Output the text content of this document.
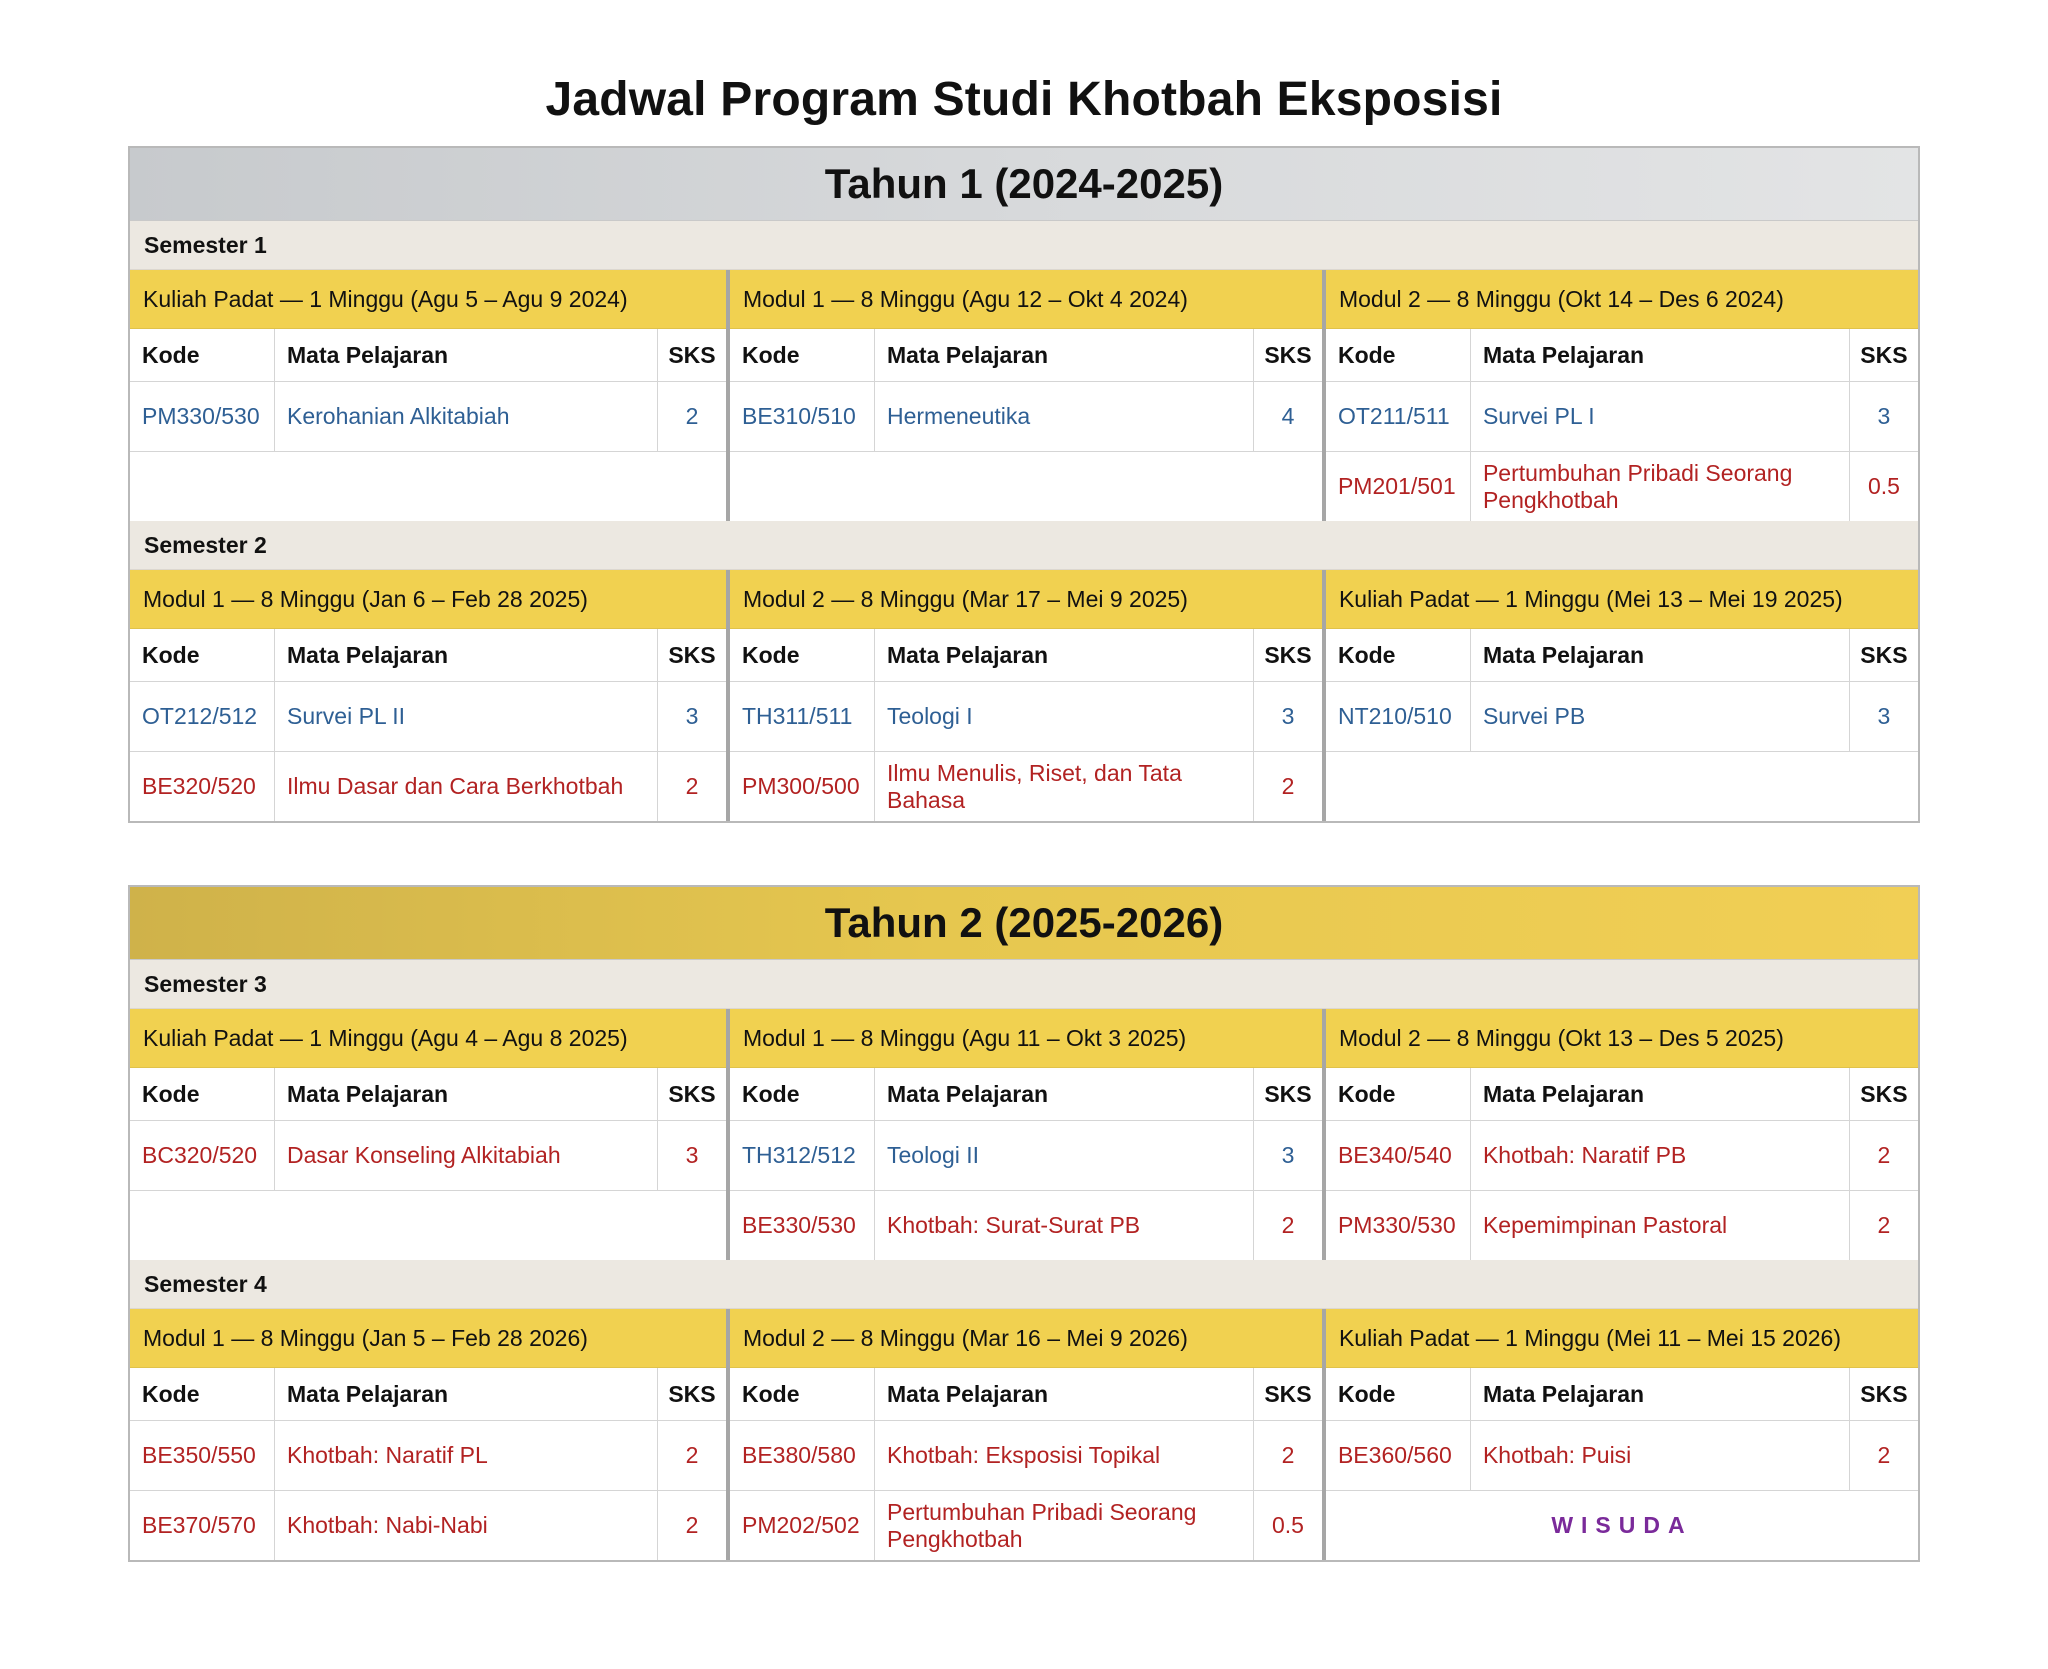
Jadwal Program Studi Khotbah Eksposisi
Tahun 1 (2024-2025)
Semester 1
Kuliah Padat — 1 Minggu (Agu 5 – Agu 9 2024)
Kode	Mata Pelajaran	SKS
PM330/530	Kerohanian Alkitabiah	2

Modul 1 — 8 Minggu (Agu 12 – Okt 4 2024)
Kode	Mata Pelajaran	SKS
BE310/510	Hermeneutika	4

Modul 2 — 8 Minggu (Okt 14 – Des 6 2024)
Kode	Mata Pelajaran	SKS
OT211/511	Survei PL I	3
PM201/501	Pertumbuhan Pribadi Seorang Pengkhotbah	0.5
Semester 2
Modul 1 — 8 Minggu (Jan 6 – Feb 28 2025)
Kode	Mata Pelajaran	SKS
OT212/512	Survei PL II	3
BE320/520	Ilmu Dasar dan Cara Berkhotbah	2
Modul 2 — 8 Minggu (Mar 17 – Mei 9 2025)
Kode	Mata Pelajaran	SKS
TH311/511	Teologi I	3
PM300/500	Ilmu Menulis, Riset, dan Tata Bahasa	2
Kuliah Padat — 1 Minggu (Mei 13 – Mei 19 2025)
Kode	Mata Pelajaran	SKS
NT210/510	Survei PB	3

Tahun 2 (2025-2026)
Semester 3
Kuliah Padat — 1 Minggu (Agu 4 – Agu 8 2025)
Kode	Mata Pelajaran	SKS
BC320/520	Dasar Konseling Alkitabiah	3

Modul 1 — 8 Minggu (Agu 11 – Okt 3 2025)
Kode	Mata Pelajaran	SKS
TH312/512	Teologi II	3
BE330/530	Khotbah: Surat-Surat PB	2
Modul 2 — 8 Minggu (Okt 13 – Des 5 2025)
Kode	Mata Pelajaran	SKS
BE340/540	Khotbah: Naratif PB	2
PM330/530	Kepemimpinan Pastoral	2
Semester 4
Modul 1 — 8 Minggu (Jan 5 – Feb 28 2026)
Kode	Mata Pelajaran	SKS
BE350/550	Khotbah: Naratif PL	2
BE370/570	Khotbah: Nabi-Nabi	2
Modul 2 — 8 Minggu (Mar 16 – Mei 9 2026)
Kode	Mata Pelajaran	SKS
BE380/580	Khotbah: Eksposisi Topikal	2
PM202/502	Pertumbuhan Pribadi Seorang Pengkhotbah	0.5
Kuliah Padat — 1 Minggu (Mei 11 – Mei 15 2026)
Kode	Mata Pelajaran	SKS
BE360/560	Khotbah: Puisi	2
WISUDA		
